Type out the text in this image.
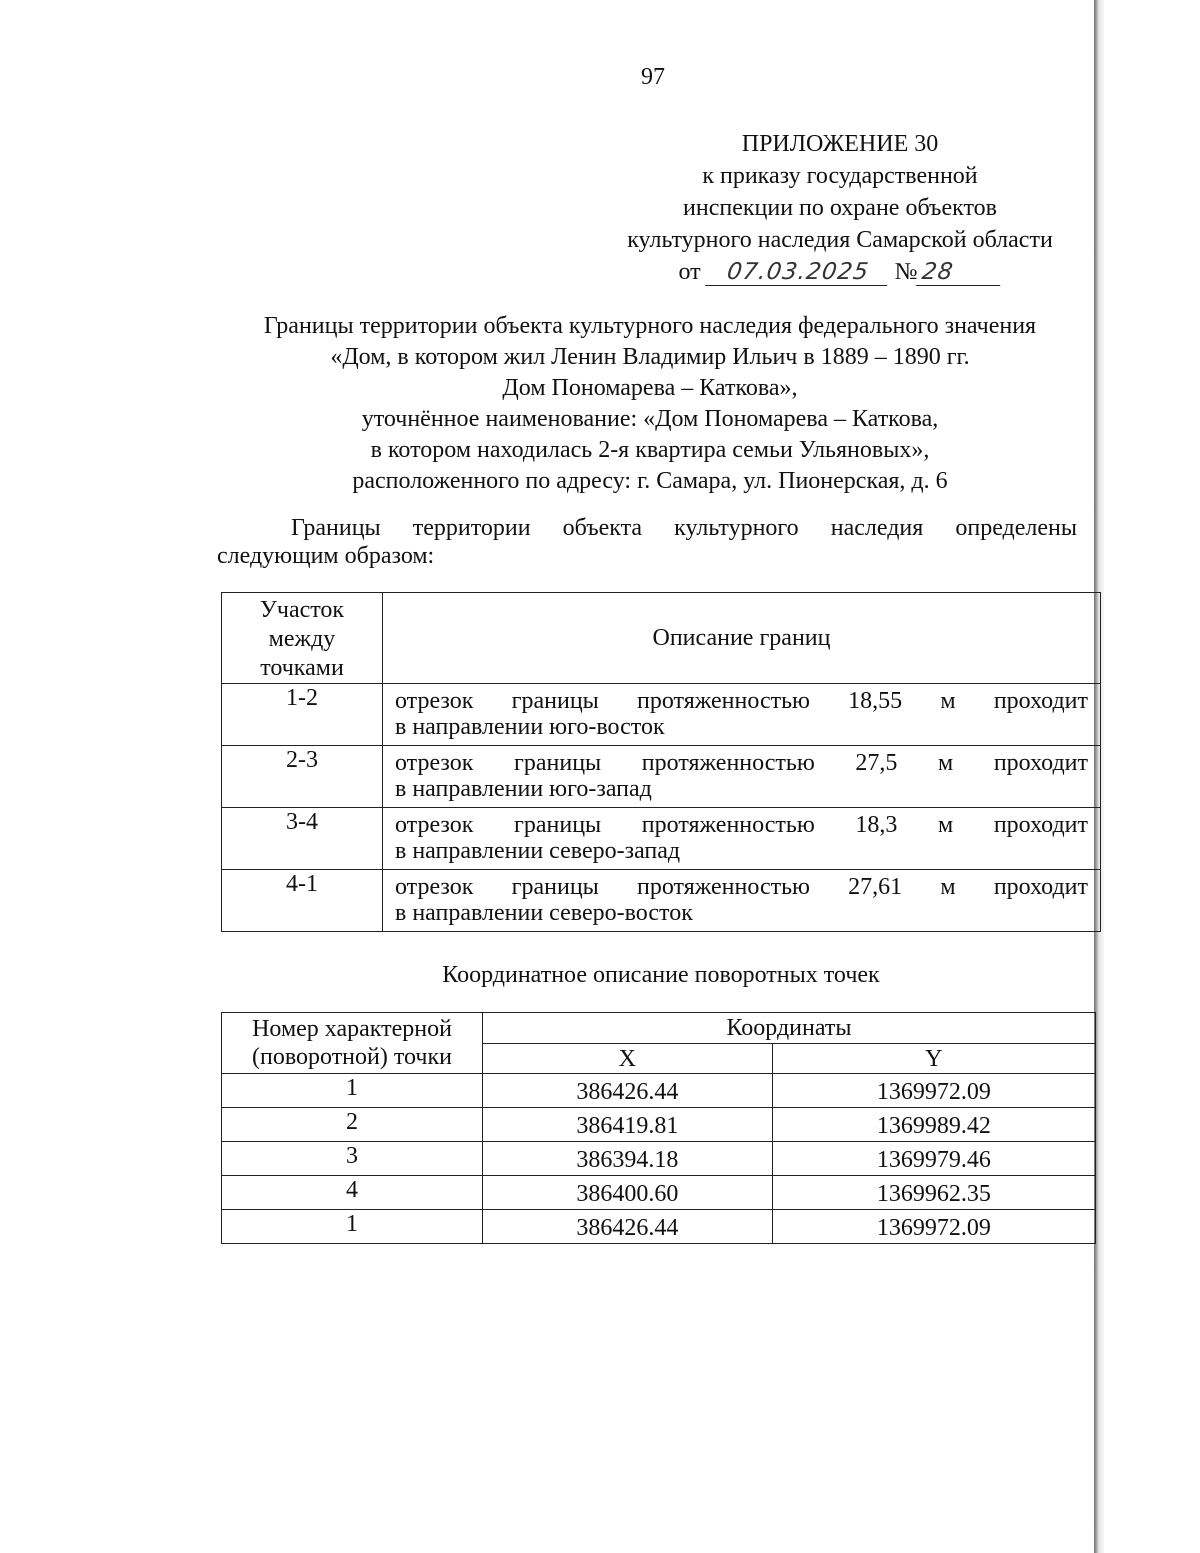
97
ПРИЛОЖЕНИЕ 30
к приказу государственной
инспекции по охране объектов
культурного наследия Самарской области
от 07.03.2025 №28
Границы территории объекта культурного наследия федерального значения
«Дом, в котором жил Ленин Владимир Ильич в 1889 – 1890 гг.
Дом Пономарева – Каткова»,
уточнённое наименование: «Дом Пономарева – Каткова,
в котором находилась 2-я квартира семьи Ульяновых»,
расположенного по адресу: г. Самара, ул. Пионерская, д. 6
Границы территории объекта культурного наследия определены
следующим образом:
Участок
между
точками	Описание границ
1-2	отрезок границы протяженностью 18,55 м проходит
в направлении юго-восток

2-3	отрезок границы протяженностью 27,5 м проходит
в направлении юго-запад

3-4	отрезок границы протяженностью 18,3 м проходит
в направлении северо-запад

4-1	отрезок границы протяженностью 27,61 м проходит
в направлении северо-восток
Координатное описание поворотных точек
Номер характерной
(поворотной) точки	Координаты	
	X	Y
1	386426.44	1369972.09
2	386419.81	1369989.42
3	386394.18	1369979.46
4	386400.60	1369962.35
1	386426.44	1369972.09
